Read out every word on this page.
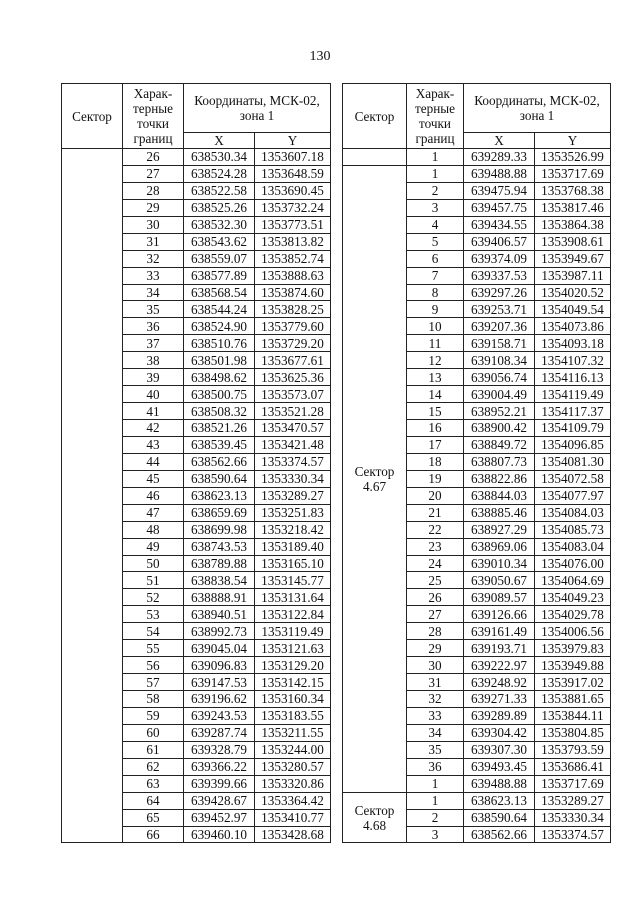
130
Сектор	Харак- терные точки границ	Координаты, МСК-02, зона 1	
		X	Y
	26	638530.34	1353607.18
	27	638524.28	1353648.59
	28	638522.58	1353690.45
	29	638525.26	1353732.24
	30	638532.30	1353773.51
	31	638543.62	1353813.82
	32	638559.07	1353852.74
	33	638577.89	1353888.63
	34	638568.54	1353874.60
	35	638544.24	1353828.25
	36	638524.90	1353779.60
	37	638510.76	1353729.20
	38	638501.98	1353677.61
	39	638498.62	1353625.36
	40	638500.75	1353573.07
	41	638508.32	1353521.28
	42	638521.26	1353470.57
	43	638539.45	1353421.48
	44	638562.66	1353374.57
	45	638590.64	1353330.34
	46	638623.13	1353289.27
	47	638659.69	1353251.83
	48	638699.98	1353218.42
	49	638743.53	1353189.40
	50	638789.88	1353165.10
	51	638838.54	1353145.77
	52	638888.91	1353131.64
	53	638940.51	1353122.84
	54	638992.73	1353119.49
	55	639045.04	1353121.63
	56	639096.83	1353129.20
	57	639147.53	1353142.15
	58	639196.62	1353160.34
	59	639243.53	1353183.55
	60	639287.74	1353211.55
	61	639328.79	1353244.00
	62	639366.22	1353280.57
	63	639399.66	1353320.86
	64	639428.67	1353364.42
	65	639452.97	1353410.77
	66	639460.10	1353428.68
Сектор	Харак- терные точки границ	Координаты, МСК-02, зона 1	
		X	Y
	1	639289.33	1353526.99
Сектор 4.67	1	639488.88	1353717.69
	2	639475.94	1353768.38
	3	639457.75	1353817.46
	4	639434.55	1353864.38
	5	639406.57	1353908.61
	6	639374.09	1353949.67
	7	639337.53	1353987.11
	8	639297.26	1354020.52
	9	639253.71	1354049.54
	10	639207.36	1354073.86
	11	639158.71	1354093.18
	12	639108.34	1354107.32
	13	639056.74	1354116.13
	14	639004.49	1354119.49
	15	638952.21	1354117.37
	16	638900.42	1354109.79
	17	638849.72	1354096.85
	18	638807.73	1354081.30
	19	638822.86	1354072.58
	20	638844.03	1354077.97
	21	638885.46	1354084.03
	22	638927.29	1354085.73
	23	638969.06	1354083.04
	24	639010.34	1354076.00
	25	639050.67	1354064.69
	26	639089.57	1354049.23
	27	639126.66	1354029.78
	28	639161.49	1354006.56
	29	639193.71	1353979.83
	30	639222.97	1353949.88
	31	639248.92	1353917.02
	32	639271.33	1353881.65
	33	639289.89	1353844.11
	34	639304.42	1353804.85
	35	639307.30	1353793.59
	36	639493.45	1353686.41
	1	639488.88	1353717.69
Сектор 4.68	1	638623.13	1353289.27
	2	638590.64	1353330.34
	3	638562.66	1353374.57
